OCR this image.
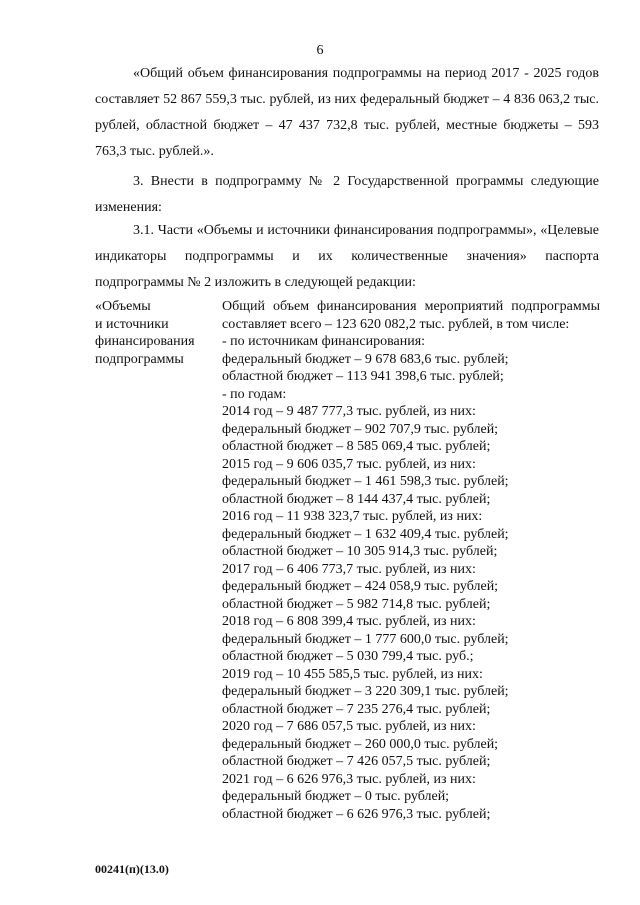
6

«Общий объем финансирования подпрограммы на период 2017 - 2025 годов составляет 52 867 559,3 тыс. рублей, из них федеральный бюджет – 4 836 063,2 тыс. рублей, областной бюджет – 47 437 732,8 тыс. рублей, местные бюджеты – 593 763,3 тыс. рублей.».

3. Внести в подпрограмму № 2 Государственной программы следующие изменения:

3.1. Части «Объемы и источники финансирования подпрограммы», «Целевые индикаторы подпрограммы и их количественные значения» паспорта подпрограммы № 2 изложить в следующей редакции:

«Объемы
и источники
финансирования
подпрограммы

Общий объем финансирования мероприятий подпрограммы составляет всего – 123 620 082,2 тыс. рублей, в том числе:

- по источникам финансирования:

федеральный бюджет – 9 678 683,6 тыс. рублей;

областной бюджет – 113 941 398,6 тыс. рублей;

- по годам:

2014 год – 9 487 777,3 тыс. рублей, из них:

федеральный бюджет – 902 707,9 тыс. рублей;

областной бюджет – 8 585 069,4 тыс. рублей;

2015 год – 9 606 035,7 тыс. рублей, из них:

федеральный бюджет – 1 461 598,3 тыс. рублей;

областной бюджет – 8 144 437,4 тыс. рублей;

2016 год – 11 938 323,7 тыс. рублей, из них:

федеральный бюджет – 1 632 409,4 тыс. рублей;

областной бюджет – 10 305 914,3 тыс. рублей;

2017 год – 6 406 773,7 тыс. рублей, из них:

федеральный бюджет – 424 058,9 тыс. рублей;

областной бюджет – 5 982 714,8 тыс. рублей;

2018 год – 6 808 399,4 тыс. рублей, из них:

федеральный бюджет – 1 777 600,0 тыс. рублей;

областной бюджет – 5 030 799,4 тыс. руб.;

2019 год – 10 455 585,5 тыс. рублей, из них:

федеральный бюджет – 3 220 309,1 тыс. рублей;

областной бюджет – 7 235 276,4 тыс. рублей;

2020 год – 7 686 057,5 тыс. рублей, из них:

федеральный бюджет – 260 000,0 тыс. рублей;

областной бюджет – 7 426 057,5 тыс. рублей;

2021 год – 6 626 976,3 тыс. рублей, из них:

федеральный бюджет – 0 тыс. рублей;

областной бюджет – 6 626 976,3 тыс. рублей;

00241(п)(13.0)
